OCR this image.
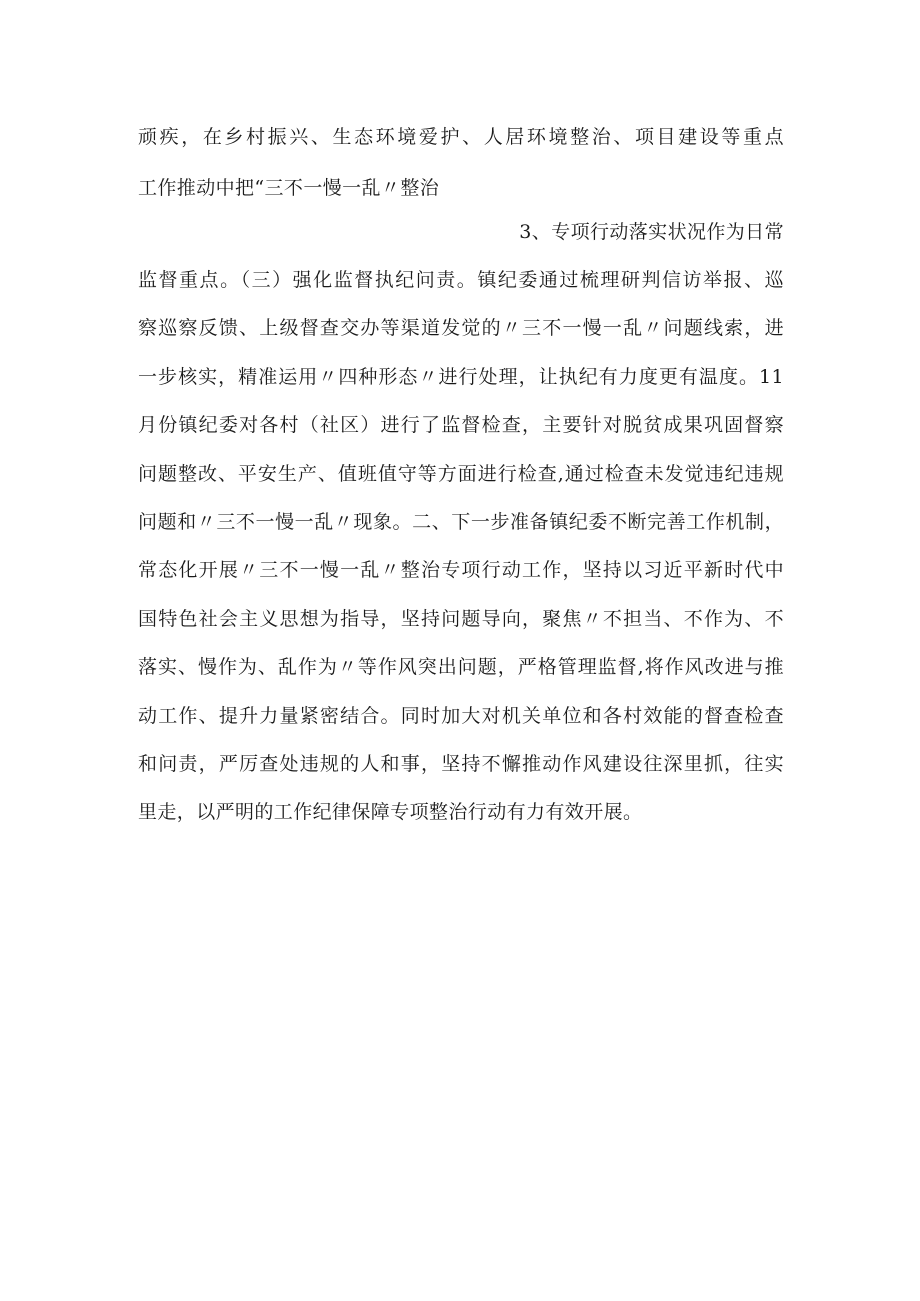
顽疾，在乡村振兴、生态环境爱护、人居环境整治、项目建设等重点
工作推动中把“三不一慢一乱〃整治
3、专项行动落实状况作为日常
监督重点。（三）强化监督执纪问责。镇纪委通过梳理研判信访举报、巡
察巡察反馈、上级督查交办等渠道发觉的〃三不一慢一乱〃问题线索，进
一步核实，精准运用〃四种形态〃进行处理，让执纪有力度更有温度。11
月份镇纪委对各村（社区）进行了监督检查，主要针对脱贫成果巩固督察
问题整改、平安生产、值班值守等方面进行检查,通过检查未发觉违纪违规
问题和〃三不一慢一乱〃现象。二、下一步准备镇纪委不断完善工作机制，
常态化开展〃三不一慢一乱〃整治专项行动工作，坚持以习近平新时代中
国特色社会主义思想为指导，坚持问题导向，聚焦〃不担当、不作为、不
落实、慢作为、乱作为〃等作风突出问题，严格管理监督,将作风改进与推
动工作、提升力量紧密结合。同时加大对机关单位和各村效能的督查检查
和问责，严厉查处违规的人和事，坚持不懈推动作风建设往深里抓，往实
里走，以严明的工作纪律保障专项整治行动有力有效开展。
